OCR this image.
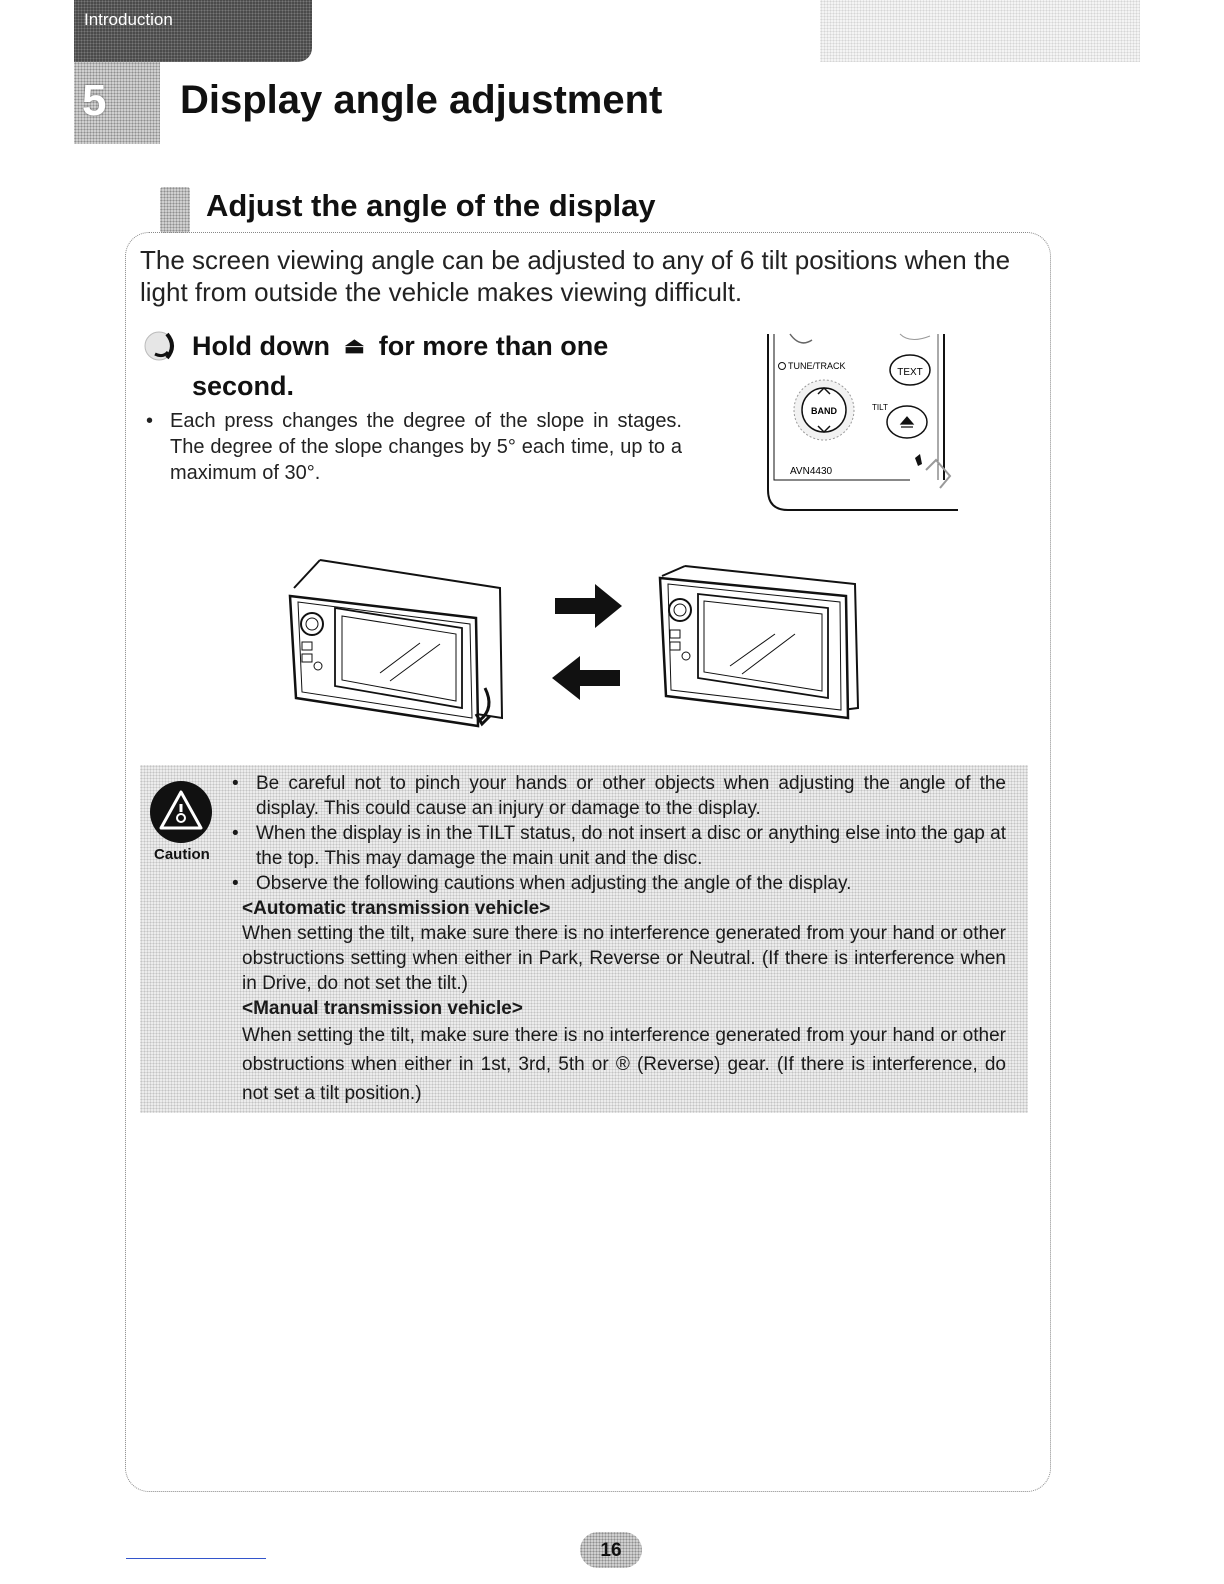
Introduction
5 Display angle adjustment
Adjust the angle of the display

The screen viewing angle can be adjusted to any of 6 tilt positions when the light from outside the vehicle makes viewing difficult.

Hold down ⏏ for more than one second.

• Each press changes the degree of the slope in stages. The degree of the slope changes by 5° each time, up to a maximum of 30°.

TUNE/TRACK
TEXT
BAND	TILT
AVN4430
Caution
• Be careful not to pinch your hands or other objects when adjusting the angle of the display. This could cause an injury or damage to the display.
• When the display is in the TILT status, do not insert a disc or anything else into the gap at the top. This may damage the main unit and the disc.
• Observe the following cautions when adjusting the angle of the display.
<Automatic transmission vehicle>
When setting the tilt, make sure there is no interference generated from your hand or other obstructions setting when either in Park, Reverse or Neutral. (If there is interference when in Drive, do not set the tilt.)
<Manual transmission vehicle>
When setting the tilt, make sure there is no interference generated from your hand or other obstructions when either in 1st, 3rd, 5th or ® (Reverse) gear. (If there is interference, do not set a tilt position.)
16
